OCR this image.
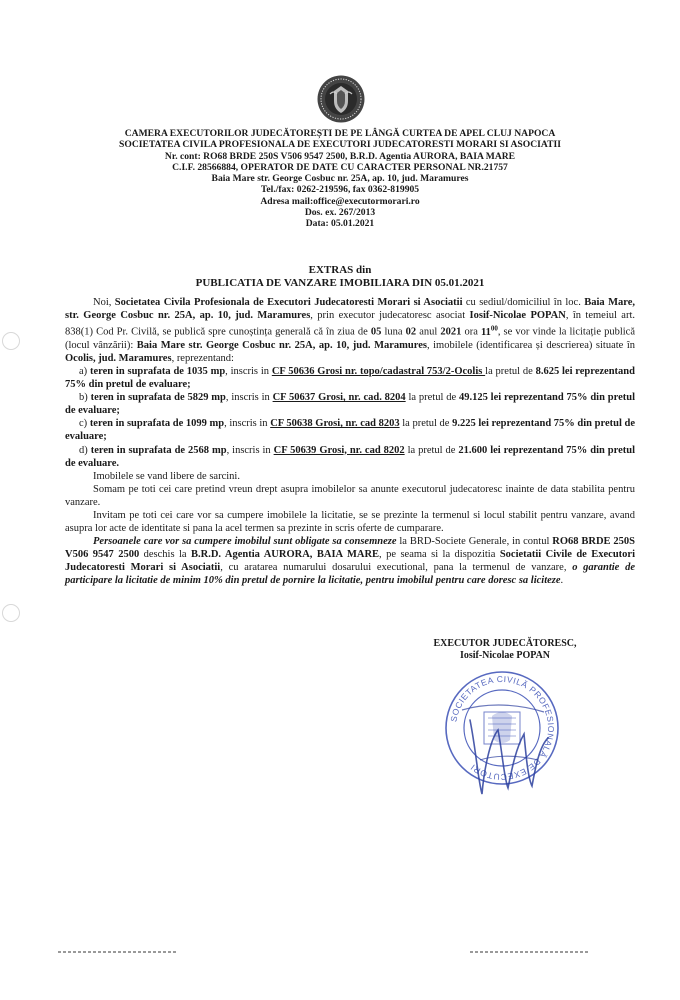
CAMERA EXECUTORILOR JUDECĂTOREȘTI DE PE LÂNGĂ CURTEA DE APEL CLUJ NAPOCA
SOCIETATEA CIVILA PROFESIONALA DE EXECUTORI JUDECATORESTI MORARI SI ASOCIATII
Nr. cont: RO68 BRDE 250S V506 9547 2500, B.R.D. Agentia AURORA, BAIA MARE
C.I.F. 28566884, OPERATOR DE DATE CU CARACTER PERSONAL NR.21757
Baia Mare str. George Cosbuc nr. 25A, ap. 10, jud. Maramures
Tel./fax: 0262-219596, fax 0362-819905
Adresa mail:office@executormorari.ro
Dos. ex. 267/2013
Data: 05.01.2021
EXTRAS din
PUBLICATIA DE VANZARE IMOBILIARA DIN 05.01.2021

Noi, Societatea Civila Profesionala de Executori Judecatoresti Morari si Asociatii cu sediul/domiciliul în loc. Baia Mare, str. George Cosbuc nr. 25A, ap. 10, jud. Maramures, prin executor judecatoresc asociat Iosif-Nicolae POPAN, în temeiul art. 838(1) Cod Pr. Civilă, se publică spre cunoștința generală că în ziua de 05 luna 02 anul 2021 ora $11^{00}$, se vor vinde la licitație publică (locul vânzării): Baia Mare str. George Cosbuc nr. 25A, ap. 10, jud. Maramures, imobilele (identificarea și descrierea) situate în Ocolis, jud. Maramures, reprezentand:

a) teren in suprafata de 1035 mp, inscris in CF 50636 Grosi nr. topo/cadastral 753/2-Ocolis la pretul de 8.625 lei reprezentand 75% din pretul de evaluare;

b) teren in suprafata de 5829 mp, inscris in CF 50637 Grosi, nr. cad. 8204 la pretul de 49.125 lei reprezentand 75% din pretul de evaluare;

c) teren in suprafata de 1099 mp, inscris in CF 50638 Grosi, nr. cad 8203 la pretul de 9.225 lei reprezentand 75% din pretul de evaluare;

d) teren in suprafata de 2568 mp, inscris in CF 50639 Grosi, nr. cad 8202 la pretul de 21.600 lei reprezentand 75% din pretul de evaluare.

Imobilele se vand libere de sarcini.

Somam pe toti cei care pretind vreun drept asupra imobilelor sa anunte executorul judecatoresc inainte de data stabilita pentru vanzare.

Invitam pe toti cei care vor sa cumpere imobilele la licitatie, se se prezinte la termenul si locul stabilit pentru vanzare, avand asupra lor acte de identitate si pana la acel termen sa prezinte in scris oferte de cumparare.

Persoanele care vor sa cumpere imobilul sunt obligate sa consemneze la BRD-Societe Generale, in contul RO68 BRDE 250S V506 9547 2500 deschis la B.R.D. Agentia AURORA, BAIA MARE, pe seama si la dispozitia Societatii Civile de Executori Judecatoresti Morari si Asociatii, cu aratarea numarului dosarului executional, pana la termenul de vanzare, o garantie de participare la licitatie de minim 10% din pretul de pornire la licitatie, pentru imobilul pentru care doresc sa liciteze.

EXECUTOR JUDECĂTORESC,
Iosif-Nicolae POPAN
SOCIETATEA CIVILĂ PROFESIONALĂ DE EXECUTORI
